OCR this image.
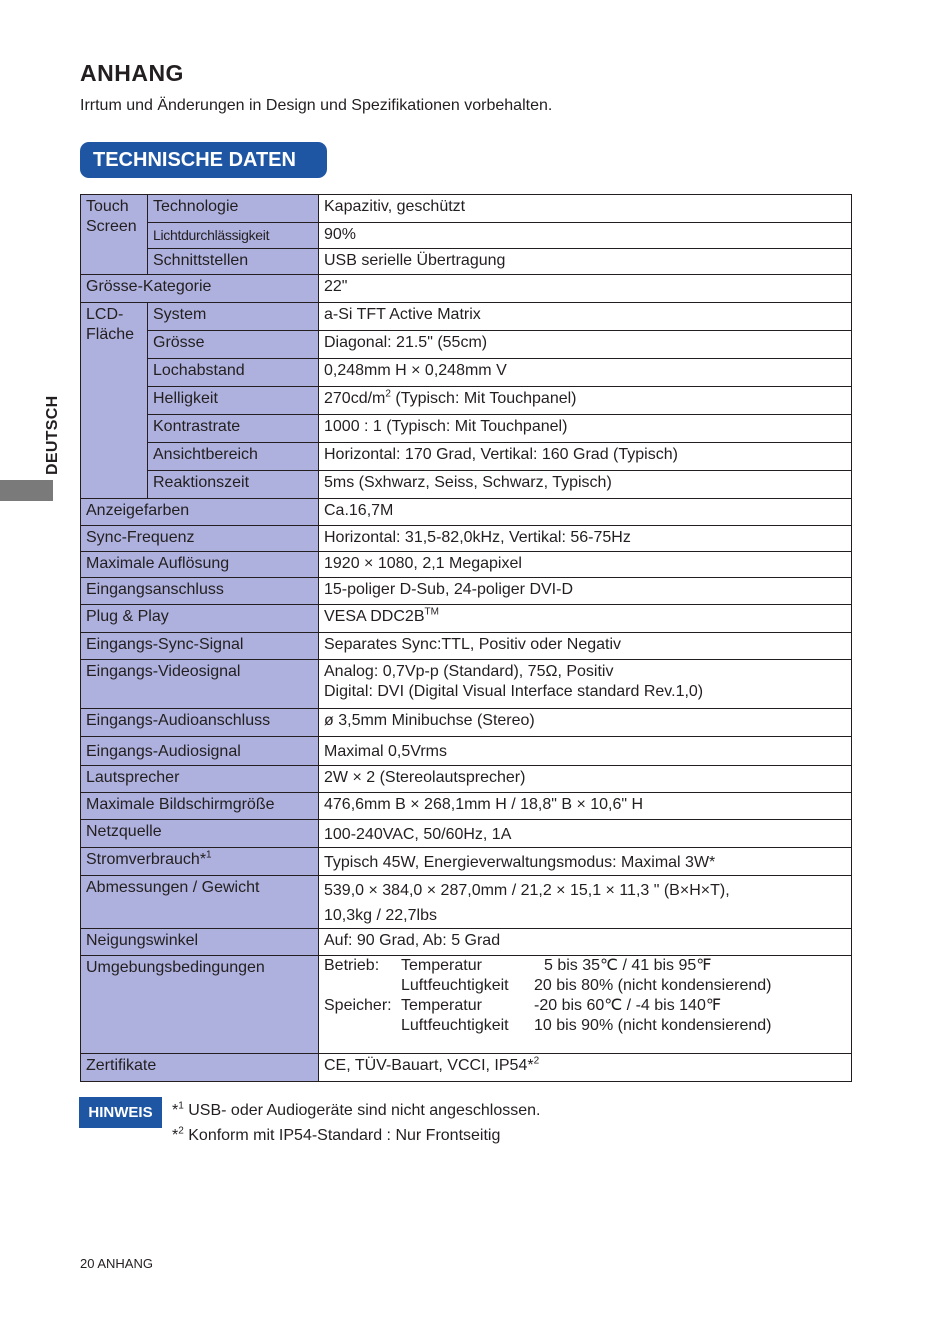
ANHANG
Irrtum und Änderungen in Design und Spezifikationen vorbehalten.
TECHNISCHE DATEN
DEUTSCH
Touch Screen	Technologie	Kapazitiv, geschützt
Lichtdurchlässigkeit	90%
Schnittstellen	USB serielle Übertragung
Grösse-Kategorie	22"
LCD- Fläche	System	a-Si TFT Active Matrix
Grösse	Diagonal: 21.5" (55cm)
Lochabstand	0,248mm H × 0,248mm V
Helligkeit	$270cd/m^2$ (Typisch: Mit Touchpanel)
Kontrastrate	1000 : 1 (Typisch: Mit Touchpanel)
Ansichtbereich	Horizontal: 170 Grad, Vertikal: 160 Grad (Typisch)
Reaktionszeit	5ms (Sxhwarz, Seiss, Schwarz, Typisch)
Anzeigefarben	Ca.16,7M
Sync-Frequenz	Horizontal: 31,5-82,0kHz, Vertikal: 56-75Hz
Maximale Auflösung	1920 × 1080, 2,1 Megapixel
Eingangsanschluss	15-poliger D-Sub, 24-poliger DVI-D
Plug & Play	VESA DDC2B™
Eingangs-Sync-Signal	Separates Sync:TTL, Positiv oder Negativ
Eingangs-Videosignal	Analog: 0,7Vp-p (Standard), 75Ω, Positiv
Digital: DVI (Digital Visual Interface standard Rev.1,0)

Eingangs-Audioanschluss	ø 3,5mm Minibuchse (Stereo)
Eingangs-Audiosignal	Maximal 0,5Vrms
Lautsprecher	2W × 2 (Stereolautsprecher)
Maximale Bildschirmgröße	476,6mm B × 268,1mm H / 18,8" B × 10,6" H
Netzquelle	100-240VAC, 50/60Hz, 1A
Stromverbrauch*$^1$	Typisch 45W, Energieverwaltungsmodus: Maximal 3W*
Abmessungen / Gewicht	539,0 × 384,0 × 287,0mm / 21,2 × 15,1 × 11,3 " (B×H×T),
10,3kg / 22,7lbs

Neigungswinkel	Auf: 90 Grad, Ab: 5 Grad
Umgebungsbedingungen		Betrieb:	Temperatur	5 bis 35℃ / 41 bis 95℉
	Luftfeuchtigkeit	20 bis 80% (nicht kondensierend)
Speicher:	Temperatur	-20 bis 60℃ / -4 bis 140℉
	Luftfeuchtigkeit	10 bis 90% (nicht kondensierend)

Zertifikate	CE, TÜV-Bauart, VCCI, IP54*$^2$
HINWEIS	*$^1$ USB- oder Audiogeräte sind nicht angeschlossen.
*$^2$ Konform mit IP54-Standard : Nur Frontseitig
20 ANHANG
